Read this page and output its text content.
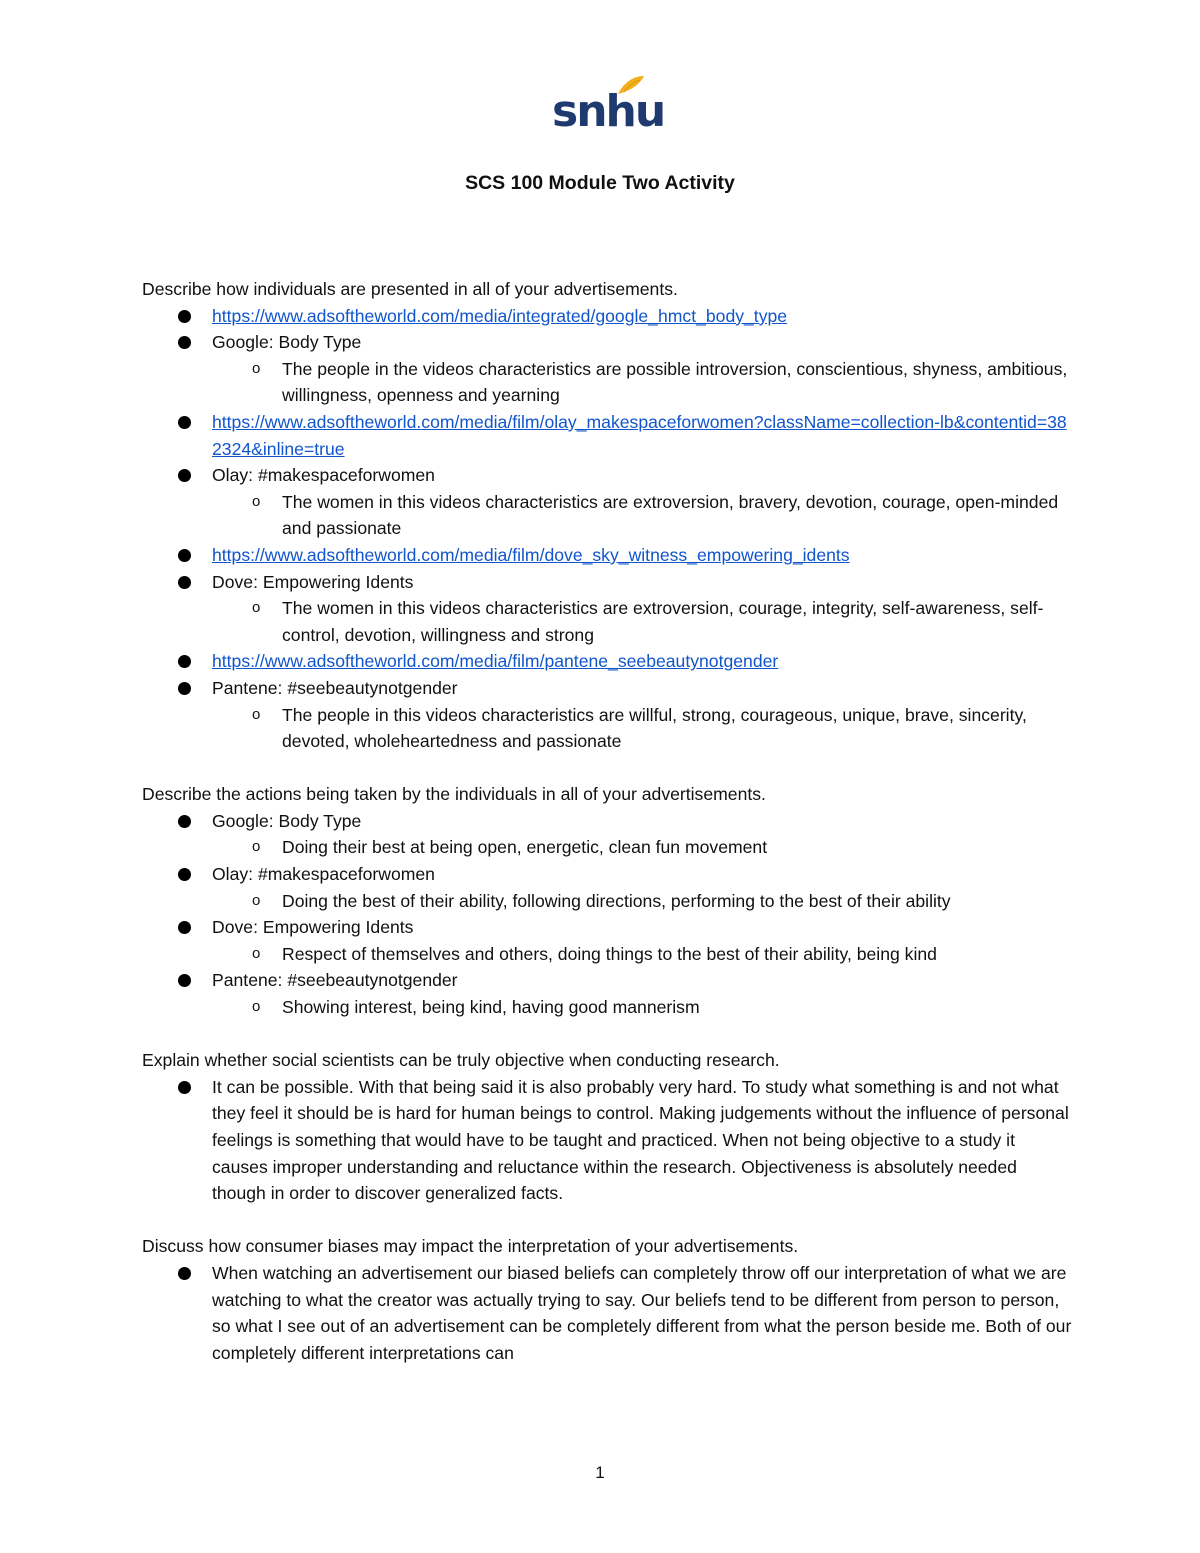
snhu
SCS 100 Module Two Activity

Describe how individuals are presented in all of your advertisements.

https://www.adsoftheworld.com/media/integrated/google_hmct_body_type
Google: Body Type
o The people in the videos characteristics are possible introversion, conscientious, shyness, ambitious, willingness, openness and yearning
https://www.adsoftheworld.com/media/film/olay_makespaceforwomen?className=collection-lb&contentid=382324&inline=true
Olay: #makespaceforwomen
o The women in this videos characteristics are extroversion, bravery, devotion, courage, open-minded and passionate
https://www.adsoftheworld.com/media/film/dove_sky_witness_empowering_idents
Dove: Empowering Idents
o The women in this videos characteristics are extroversion, courage, integrity, self-awareness, self-control, devotion, willingness and strong
https://www.adsoftheworld.com/media/film/pantene_seebeautynotgender
Pantene: #seebeautynotgender
o The people in this videos characteristics are willful, strong, courageous, unique, brave, sincerity, devoted, wholeheartedness and passionate

Describe the actions being taken by the individuals in all of your advertisements.

Google: Body Type
o Doing their best at being open, energetic, clean fun movement
Olay: #makespaceforwomen
o Doing the best of their ability, following directions, performing to the best of their ability
Dove: Empowering Idents
o Respect of themselves and others, doing things to the best of their ability, being kind
Pantene: #seebeautynotgender
o Showing interest, being kind, having good mannerism

Explain whether social scientists can be truly objective when conducting research.

It can be possible. With that being said it is also probably very hard. To study what something is and not what they feel it should be is hard for human beings to control. Making judgements without the influence of personal feelings is something that would have to be taught and practiced. When not being objective to a study it causes improper understanding and reluctance within the research. Objectiveness is absolutely needed though in order to discover generalized facts.

Discuss how consumer biases may impact the interpretation of your advertisements.

When watching an advertisement our biased beliefs can completely throw off our interpretation of what we are watching to what the creator was actually trying to say. Our beliefs tend to be different from person to person, so what I see out of an advertisement can be completely different from what the person beside me. Both of our completely different interpretations can
1
